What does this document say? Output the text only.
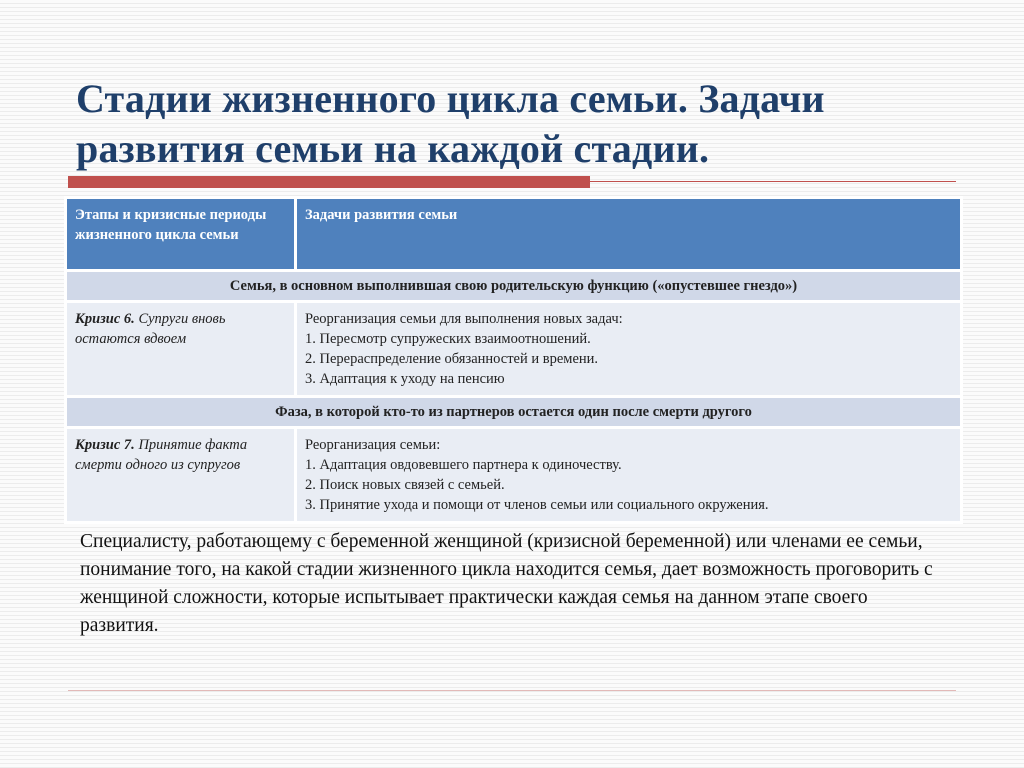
Стадии жизненного цикла семьи. Задачи
развития семьи на каждой стадии.
Этапы и кризисные периоды жизненного цикла семьи	Задачи развития семьи
Семья, в основном выполнившая свою родительскую функцию («опустевшее гнездо»)	
Кризис 6. Супруги вновь остаются вдвоем	Реорганизация семьи для выполнения новых задач:
1. Пересмотр супружеских взаимоотношений.
2. Перераспределение обязанностей и времени.
3. Адаптация к уходу на пенсию

Фаза, в которой кто-то из партнеров остается один после смерти другого	
Кризис 7. Принятие факта смерти одного из супругов	Реорганизация семьи:
1. Адаптация овдовевшего партнера к одиночеству.
2. Поиск новых связей с семьей.
3. Принятие ухода и помощи от членов семьи или социального окружения.
Специалисту, работающему с беременной женщиной (кризисной беременной) или членами ее семьи, понимание того, на какой стадии жизненного цикла находится семья, дает возможность проговорить с женщиной сложности, которые испытывает практически каждая семья на данном этапе своего развития.
